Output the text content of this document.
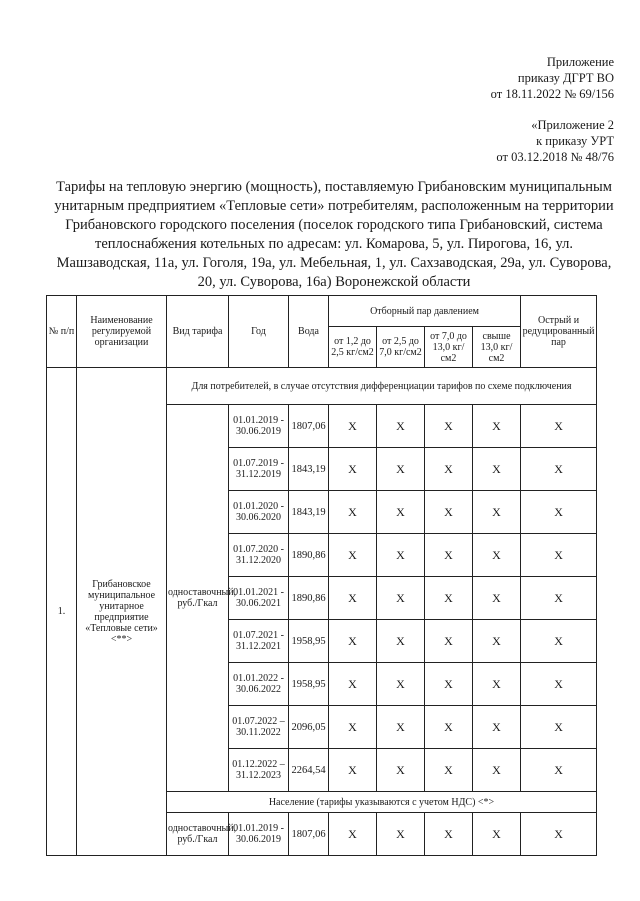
Приложение
приказу ДГРТ ВО
от 18.11.2022 № 69/156
«Приложение 2
к приказу УРТ
от 03.12.2018 № 48/76
Тарифы на тепловую энергию (мощность), поставляемую Грибановским муниципальным унитарным предприятием «Тепловые сети» потребителям, расположенным на территории Грибановского городского поселения (поселок городского типа Грибановский, система теплоснабжения котельных по адресам: ул. Комарова, 5, ул. Пирогова, 16, ул. Машзаводская, 11а, ул. Гоголя, 19а, ул. Мебельная, 1, ул. Сахзаводская, 29а, ул. Суворова, 20, ул. Суворова, 16а) Воронежской области
№ п/п	Наименование регулируемой организации	Вид тарифа	Год	Вода	Отборный пар давлением				Острый и редуцированный пар
					от 1,2 до 2,5 кг/см2	от 2,5 до 7,0 кг/см2	от 7,0 до 13,0 кг/см2	свыше 13,0 кг/см2	
1.	Грибановское муниципальное унитарное предприятие «Тепловые сети» <**>	Для потребителей, в случае отсутствия дифференциации тарифов по схеме подключения							
		одноставочный, руб./Гкал	01.01.2019 - 30.06.2019	1807,06	X	X	X	X	X
			01.07.2019 - 31.12.2019	1843,19	X	X	X	X	X
			01.01.2020 - 30.06.2020	1843,19	X	X	X	X	X
			01.07.2020 - 31.12.2020	1890,86	X	X	X	X	X
			01.01.2021 - 30.06.2021	1890,86	X	X	X	X	X
			01.07.2021 - 31.12.2021	1958,95	X	X	X	X	X
			01.01.2022 - 30.06.2022	1958,95	X	X	X	X	X
			01.07.2022 – 30.11.2022	2096,05	X	X	X	X	X
			01.12.2022 – 31.12.2023	2264,54	X	X	X	X	X
		Население (тарифы указываются с учетом НДС) <*>							
		одноставочный, руб./Гкал	01.01.2019 - 30.06.2019	1807,06	X	X	X	X	X
